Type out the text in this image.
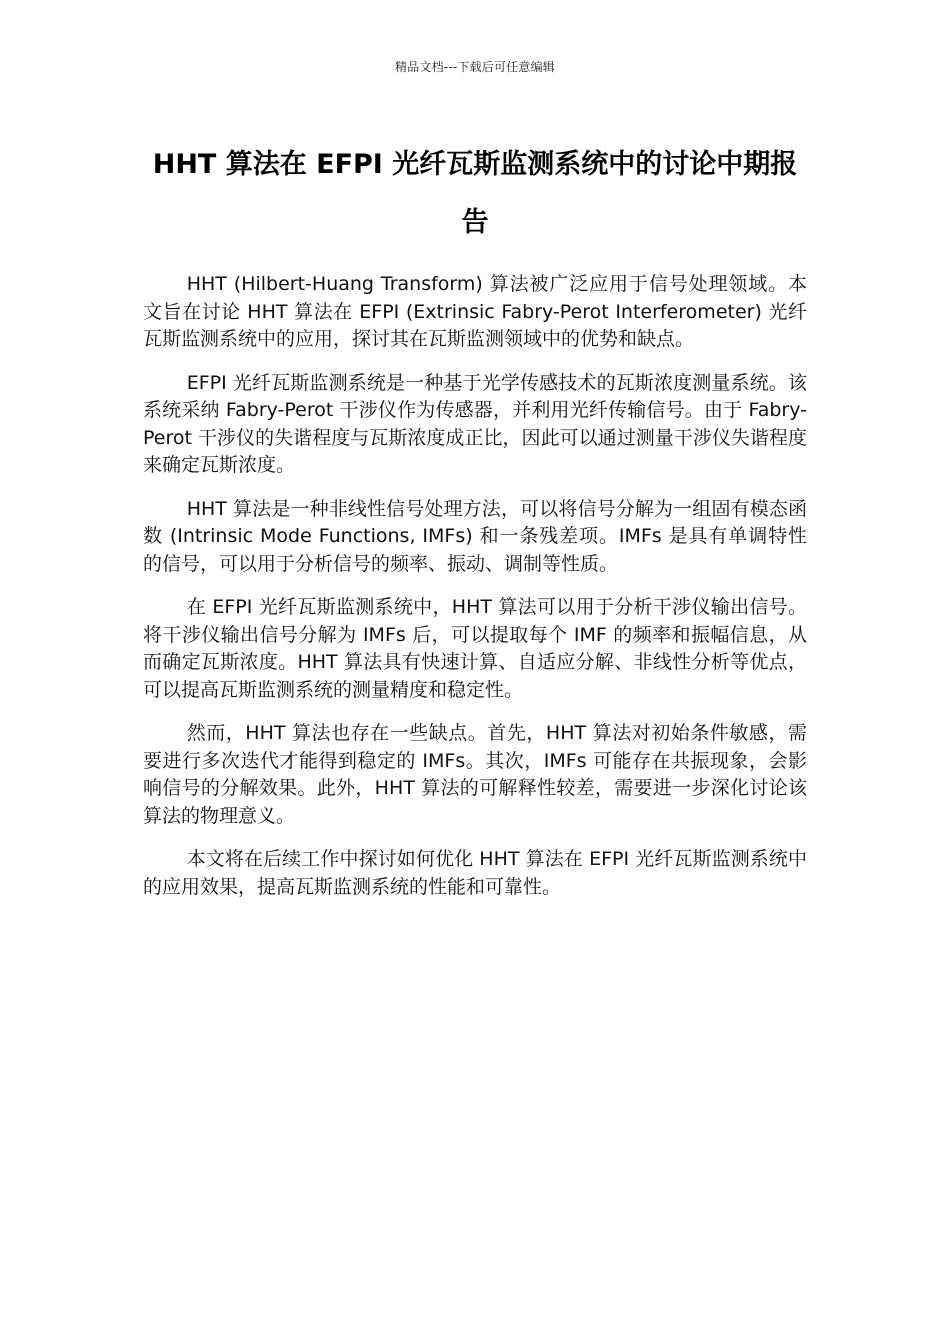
精品文档---下载后可任意编辑
HHT 算法在 EFPI 光纤瓦斯监测系统中的讨论中期报告

HHT (Hilbert-Huang Transform) 算法被广泛应用于信号处理领域。本文旨在讨论 HHT 算法在 EFPI (Extrinsic Fabry-Perot Interferometer) 光纤瓦斯监测系统中的应用，探讨其在瓦斯监测领域中的优势和缺点。

EFPI 光纤瓦斯监测系统是一种基于光学传感技术的瓦斯浓度测量系统。该系统采纳 Fabry-Perot 干涉仪作为传感器，并利用光纤传输信号。由于 Fabry-Perot 干涉仪的失谐程度与瓦斯浓度成正比，因此可以通过测量干涉仪失谐程度来确定瓦斯浓度。

HHT 算法是一种非线性信号处理方法，可以将信号分解为一组固有模态函数 (Intrinsic Mode Functions, IMFs) 和一条残差项。IMFs 是具有单调特性的信号，可以用于分析信号的频率、振动、调制等性质。

在 EFPI 光纤瓦斯监测系统中，HHT 算法可以用于分析干涉仪输出信号。将干涉仪输出信号分解为 IMFs 后，可以提取每个 IMF 的频率和振幅信息，从而确定瓦斯浓度。HHT 算法具有快速计算、自适应分解、非线性分析等优点，可以提高瓦斯监测系统的测量精度和稳定性。

然而，HHT 算法也存在一些缺点。首先，HHT 算法对初始条件敏感，需要进行多次迭代才能得到稳定的 IMFs。其次，IMFs 可能存在共振现象，会影响信号的分解效果。此外，HHT 算法的可解释性较差，需要进一步深化讨论该算法的物理意义。

本文将在后续工作中探讨如何优化 HHT 算法在 EFPI 光纤瓦斯监测系统中的应用效果，提高瓦斯监测系统的性能和可靠性。
